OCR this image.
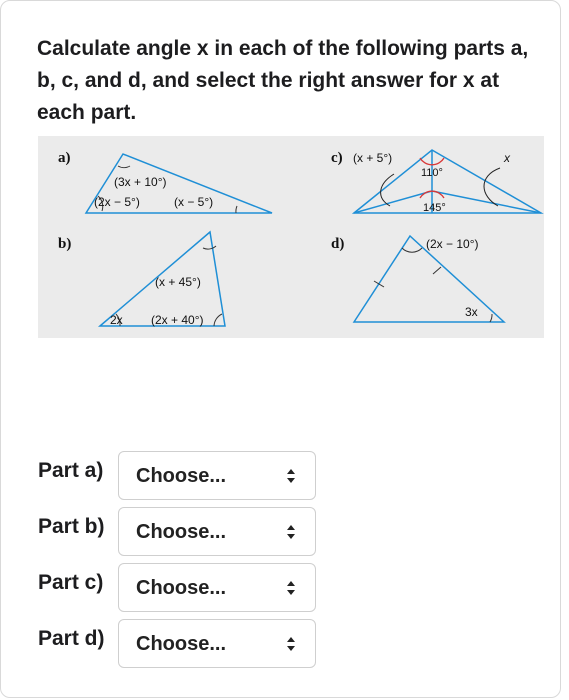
Calculate angle x in each of the following parts a, b, c, and d, and select the right answer for x at each part.
a)
(3x + 10°)
(2x − 5°)	(x − 5°)
b)
(x + 45°)
2x (2x + 40°)
c) (x + 5°)
110°
145°
x
d)	(2x − 10°)
3x
Part a) Choose...
Part b) Choose...
Part c) Choose...
Part d) Choose...
